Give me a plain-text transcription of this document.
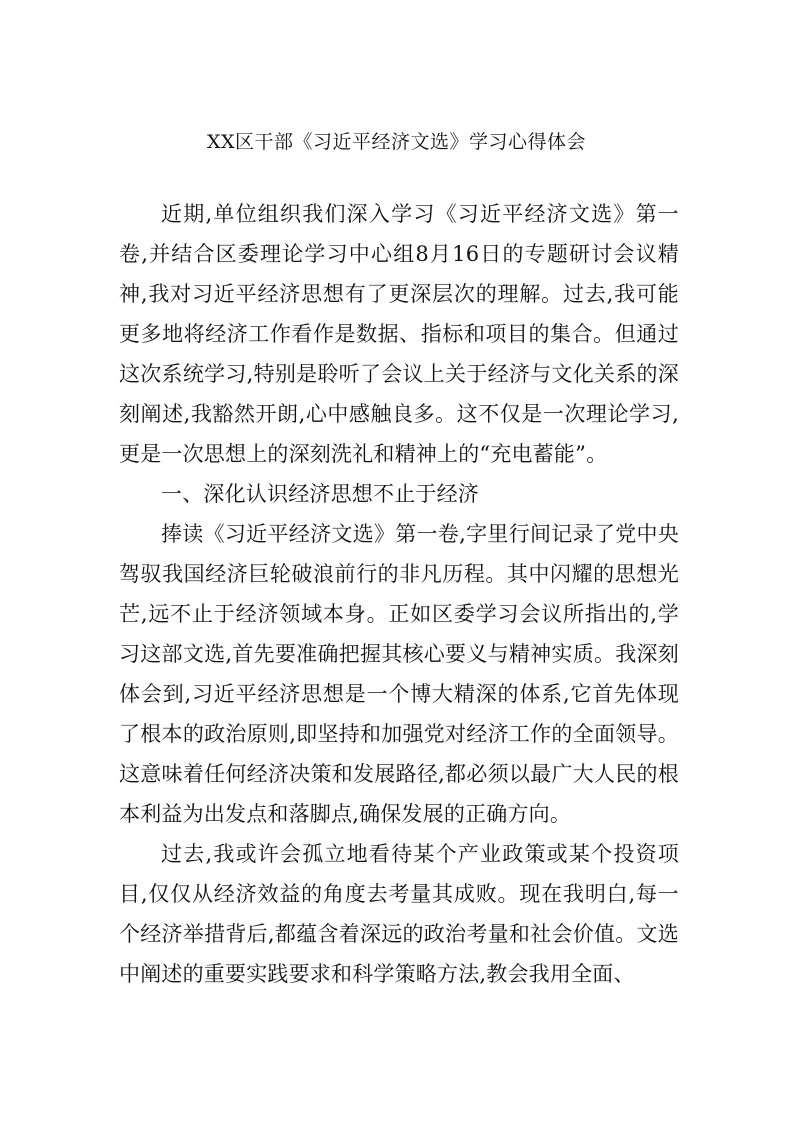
XX区干部《习近平经济文选》学习心得体会

近期,单位组织我们深入学习《习近平经济文选》第一卷,并结合区委理论学习中心组8月16日的专题研讨会议精神,我对习近平经济思想有了更深层次的理解。过去,我可能更多地将经济工作看作是数据、指标和项目的集合。但通过这次系统学习,特别是聆听了会议上关于经济与文化关系的深刻阐述,我豁然开朗,心中感触良多。这不仅是一次理论学习,更是一次思想上的深刻洗礼和精神上的“充电蓄能”。

一、深化认识经济思想不止于经济

捧读《习近平经济文选》第一卷,字里行间记录了党中央驾驭我国经济巨轮破浪前行的非凡历程。其中闪耀的思想光芒,远不止于经济领域本身。正如区委学习会议所指出的,学习这部文选,首先要准确把握其核心要义与精神实质。我深刻体会到,习近平经济思想是一个博大精深的体系,它首先体现了根本的政治原则,即坚持和加强党对经济工作的全面领导。这意味着任何经济决策和发展路径,都必须以最广大人民的根本利益为出发点和落脚点,确保发展的正确方向。

过去,我或许会孤立地看待某个产业政策或某个投资项目,仅仅从经济效益的角度去考量其成败。现在我明白,每一个经济举措背后,都蕴含着深远的政治考量和社会价值。文选中阐述的重要实践要求和科学策略方法,教会我用全面、
